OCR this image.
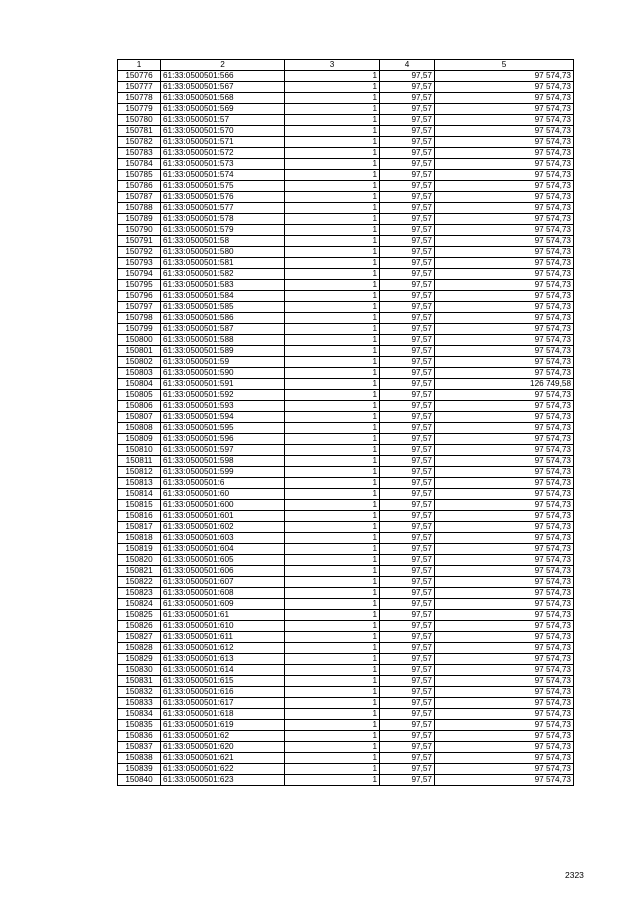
1	2	3	4	5
150776	61:33:0500501:566	1	97,57	97 574,73
150777	61:33:0500501:567	1	97,57	97 574,73
150778	61:33:0500501:568	1	97,57	97 574,73
150779	61:33:0500501:569	1	97,57	97 574,73
150780	61:33:0500501:57	1	97,57	97 574,73
150781	61:33:0500501:570	1	97,57	97 574,73
150782	61:33:0500501:571	1	97,57	97 574,73
150783	61:33:0500501:572	1	97,57	97 574,73
150784	61:33:0500501:573	1	97,57	97 574,73
150785	61:33:0500501:574	1	97,57	97 574,73
150786	61:33:0500501:575	1	97,57	97 574,73
150787	61:33:0500501:576	1	97,57	97 574,73
150788	61:33:0500501:577	1	97,57	97 574,73
150789	61:33:0500501:578	1	97,57	97 574,73
150790	61:33:0500501:579	1	97,57	97 574,73
150791	61:33:0500501:58	1	97,57	97 574,73
150792	61:33:0500501:580	1	97,57	97 574,73
150793	61:33:0500501:581	1	97,57	97 574,73
150794	61:33:0500501:582	1	97,57	97 574,73
150795	61:33:0500501:583	1	97,57	97 574,73
150796	61:33:0500501:584	1	97,57	97 574,73
150797	61:33:0500501:585	1	97,57	97 574,73
150798	61:33:0500501:586	1	97,57	97 574,73
150799	61:33:0500501:587	1	97,57	97 574,73
150800	61:33:0500501:588	1	97,57	97 574,73
150801	61:33:0500501:589	1	97,57	97 574,73
150802	61:33:0500501:59	1	97,57	97 574,73
150803	61:33:0500501:590	1	97,57	97 574,73
150804	61:33:0500501:591	1	97,57	126 749,58
150805	61:33:0500501:592	1	97,57	97 574,73
150806	61:33:0500501:593	1	97,57	97 574,73
150807	61:33:0500501:594	1	97,57	97 574,73
150808	61:33:0500501:595	1	97,57	97 574,73
150809	61:33:0500501:596	1	97,57	97 574,73
150810	61:33:0500501:597	1	97,57	97 574,73
150811	61:33:0500501:598	1	97,57	97 574,73
150812	61:33:0500501:599	1	97,57	97 574,73
150813	61:33:0500501:6	1	97,57	97 574,73
150814	61:33:0500501:60	1	97,57	97 574,73
150815	61:33:0500501:600	1	97,57	97 574,73
150816	61:33:0500501:601	1	97,57	97 574,73
150817	61:33:0500501:602	1	97,57	97 574,73
150818	61:33:0500501:603	1	97,57	97 574,73
150819	61:33:0500501:604	1	97,57	97 574,73
150820	61:33:0500501:605	1	97,57	97 574,73
150821	61:33:0500501:606	1	97,57	97 574,73
150822	61:33:0500501:607	1	97,57	97 574,73
150823	61:33:0500501:608	1	97,57	97 574,73
150824	61:33:0500501:609	1	97,57	97 574,73
150825	61:33:0500501:61	1	97,57	97 574,73
150826	61:33:0500501:610	1	97,57	97 574,73
150827	61:33:0500501:611	1	97,57	97 574,73
150828	61:33:0500501:612	1	97,57	97 574,73
150829	61:33:0500501:613	1	97,57	97 574,73
150830	61:33:0500501:614	1	97,57	97 574,73
150831	61:33:0500501:615	1	97,57	97 574,73
150832	61:33:0500501:616	1	97,57	97 574,73
150833	61:33:0500501:617	1	97,57	97 574,73
150834	61:33:0500501:618	1	97,57	97 574,73
150835	61:33:0500501:619	1	97,57	97 574,73
150836	61:33:0500501:62	1	97,57	97 574,73
150837	61:33:0500501:620	1	97,57	97 574,73
150838	61:33:0500501:621	1	97,57	97 574,73
150839	61:33:0500501:622	1	97,57	97 574,73
150840	61:33:0500501:623	1	97,57	97 574,73
2323
